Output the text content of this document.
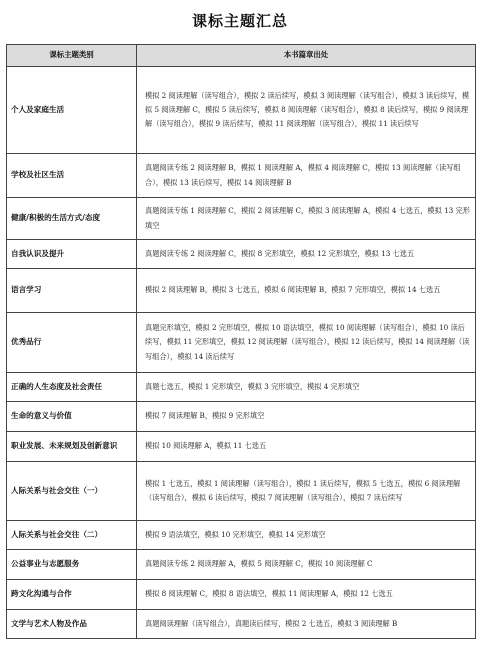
课标主题汇总
课标主题类别	本书篇章出处
个人及家庭生活	模拟 2 阅读理解（读写组合），模拟 2 读后续写，模拟 3 阅读理解（读写组合），模拟 3 读后续写，模拟 5 阅读理解 C，模拟 5 读后续写，模拟 8 阅读理解（读写组合），模拟 8 读后续写，模拟 9 阅读理解（读写组合），模拟 9 读后续写，模拟 11 阅读理解（读写组合），模拟 11 读后续写
学校及社区生活	真题阅读专练 2 阅读理解 B，模拟 1 阅读理解 A，模拟 4 阅读理解 C，模拟 13 阅读理解（读写组合），模拟 13 读后续写，模拟 14 阅读理解 B
健康/积极的生活方式/态度	真题阅读专练 1 阅读理解 C，模拟 2 阅读理解 C，模拟 3 阅读理解 A，模拟 4 七选五，模拟 13 完形填空
自我认识及提升	真题阅读专练 2 阅读理解 C，模拟 8 完形填空，模拟 12 完形填空，模拟 13 七选五
语言学习	模拟 2 阅读理解 B，模拟 3 七选五，模拟 6 阅读理解 B，模拟 7 完形填空，模拟 14 七选五
优秀品行	真题完形填空，模拟 2 完形填空，模拟 10 语法填空，模拟 10 阅读理解（读写组合），模拟 10 读后续写，模拟 11 完形填空，模拟 12 阅读理解（读写组合），模拟 12 读后续写，模拟 14 阅读理解（读写组合），模拟 14 读后续写
正确的人生态度及社会责任	真题七选五，模拟 1 完形填空，模拟 3 完形填空，模拟 4 完形填空
生命的意义与价值	模拟 7 阅读理解 B，模拟 9 完形填空
职业发展、未来规划及创新意识	模拟 10 阅读理解 A，模拟 11 七选五
人际关系与社会交往（一）	模拟 1 七选五，模拟 1 阅读理解（读写组合），模拟 1 读后续写，模拟 5 七选五，模拟 6 阅读理解（读写组合），模拟 6 读后续写，模拟 7 阅读理解（读写组合），模拟 7 读后续写
人际关系与社会交往（二）	模拟 9 语法填空，模拟 10 完形填空，模拟 14 完形填空
公益事业与志愿服务	真题阅读专练 2 阅读理解 A，模拟 5 阅读理解 C，模拟 10 阅读理解 C
跨文化沟通与合作	模拟 8 阅读理解 C，模拟 8 语法填空，模拟 11 阅读理解 A，模拟 12 七选五
文学与艺术人物及作品	真题阅读理解（读写组合），真题读后续写，模拟 2 七选五，模拟 3 阅读理解 B
